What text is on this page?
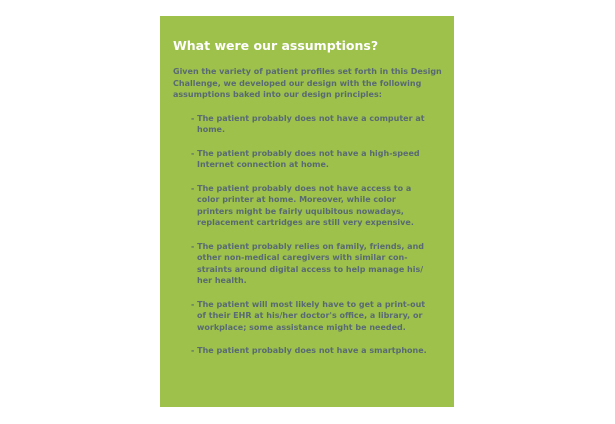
What were our assumptions?
Given the variety of patient profiles set forth in this Design
Challenge, we developed our design with the following
assumptions baked into our design principles:
- The patient probably does not have a computer at
home.
- The patient probably does not have a high-speed
Internet connection at home.
- The patient probably does not have access to a
color printer at home. Moreover, while color
printers might be fairly uquibitous nowadays,
replacement cartridges are still very expensive.
- The patient probably relies on family, friends, and
other non-medical caregivers with similar con-
straints around digital access to help manage his/
her health.
- The patient will most likely have to get a print-out
of their EHR at his/her doctor's office, a library, or
workplace; some assistance might be needed.
- The patient probably does not have a smartphone.
